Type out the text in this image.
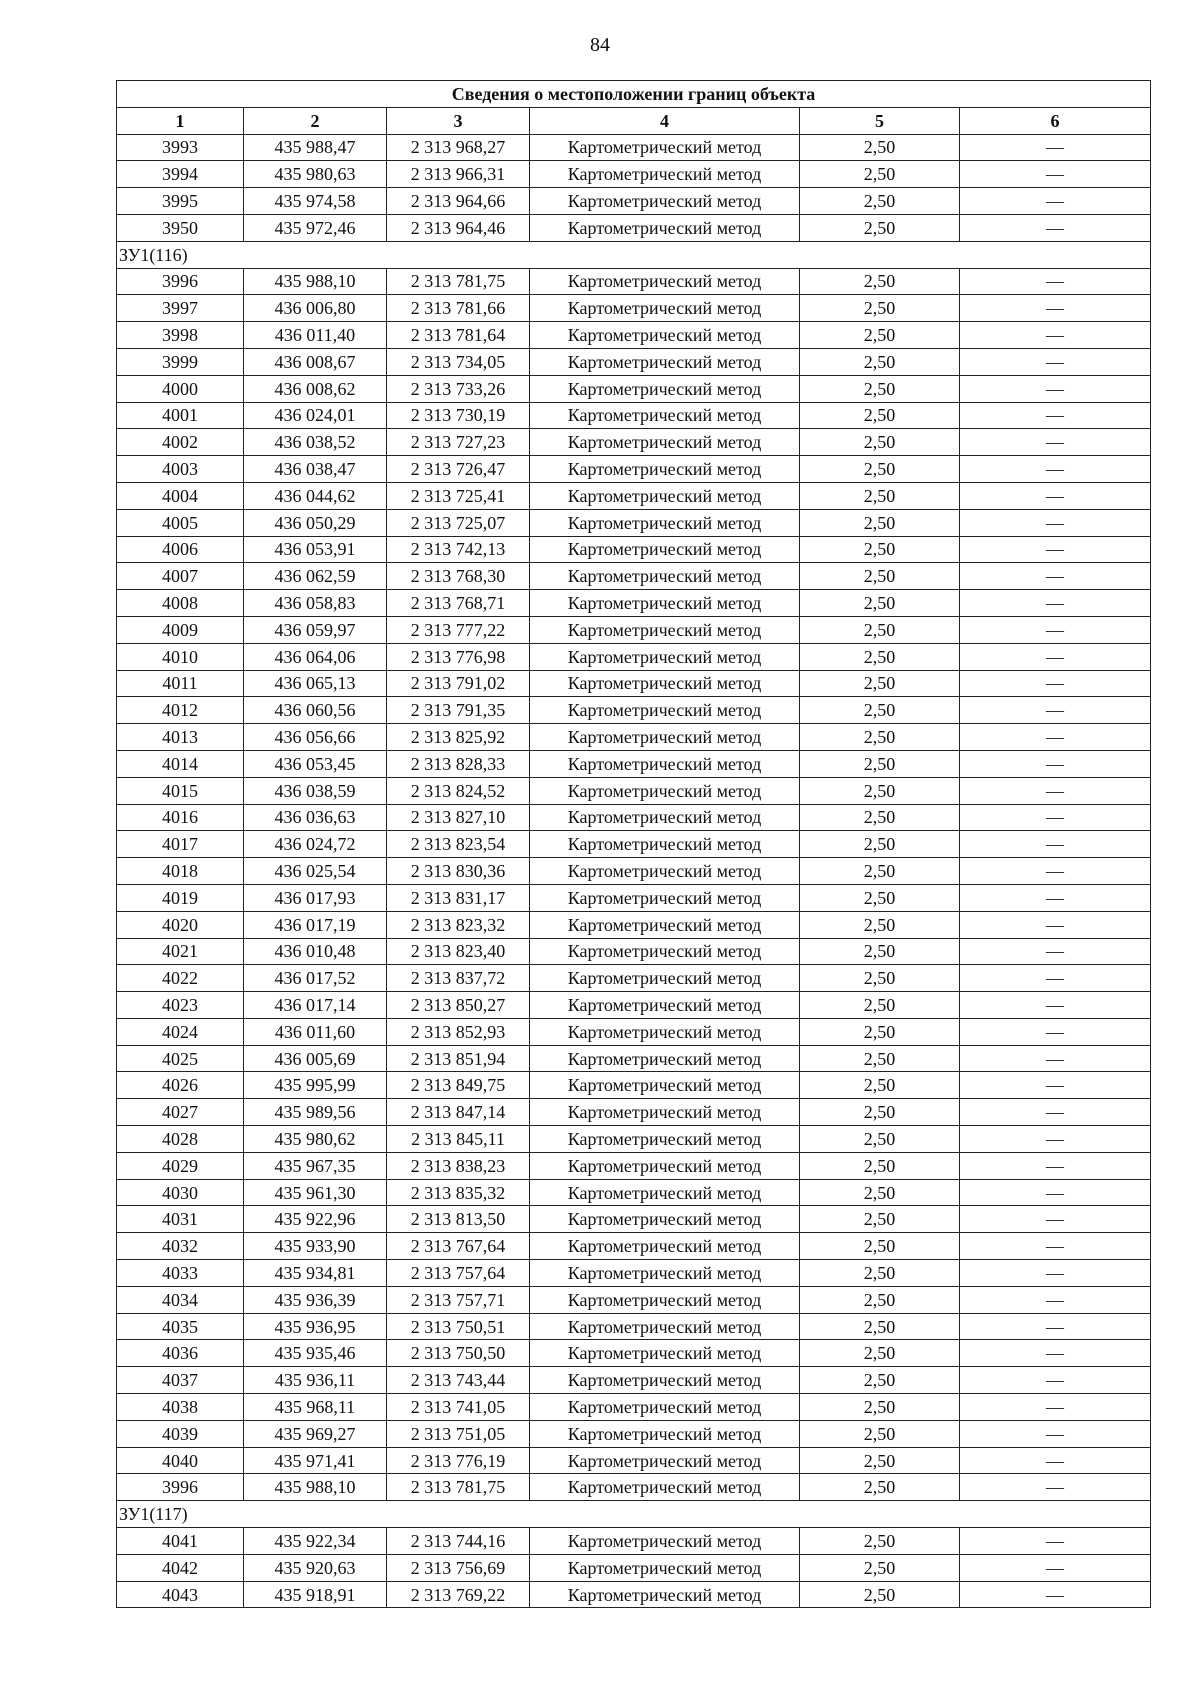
84
Сведения о местоположении границ объекта					
1	2	3	4	5	6
3993	435 988,47	2 313 968,27	Картометрический метод	2,50	—
3994	435 980,63	2 313 966,31	Картометрический метод	2,50	—
3995	435 974,58	2 313 964,66	Картометрический метод	2,50	—
3950	435 972,46	2 313 964,46	Картометрический метод	2,50	—
ЗУ1(116)					
3996	435 988,10	2 313 781,75	Картометрический метод	2,50	—
3997	436 006,80	2 313 781,66	Картометрический метод	2,50	—
3998	436 011,40	2 313 781,64	Картометрический метод	2,50	—
3999	436 008,67	2 313 734,05	Картометрический метод	2,50	—
4000	436 008,62	2 313 733,26	Картометрический метод	2,50	—
4001	436 024,01	2 313 730,19	Картометрический метод	2,50	—
4002	436 038,52	2 313 727,23	Картометрический метод	2,50	—
4003	436 038,47	2 313 726,47	Картометрический метод	2,50	—
4004	436 044,62	2 313 725,41	Картометрический метод	2,50	—
4005	436 050,29	2 313 725,07	Картометрический метод	2,50	—
4006	436 053,91	2 313 742,13	Картометрический метод	2,50	—
4007	436 062,59	2 313 768,30	Картометрический метод	2,50	—
4008	436 058,83	2 313 768,71	Картометрический метод	2,50	—
4009	436 059,97	2 313 777,22	Картометрический метод	2,50	—
4010	436 064,06	2 313 776,98	Картометрический метод	2,50	—
4011	436 065,13	2 313 791,02	Картометрический метод	2,50	—
4012	436 060,56	2 313 791,35	Картометрический метод	2,50	—
4013	436 056,66	2 313 825,92	Картометрический метод	2,50	—
4014	436 053,45	2 313 828,33	Картометрический метод	2,50	—
4015	436 038,59	2 313 824,52	Картометрический метод	2,50	—
4016	436 036,63	2 313 827,10	Картометрический метод	2,50	—
4017	436 024,72	2 313 823,54	Картометрический метод	2,50	—
4018	436 025,54	2 313 830,36	Картометрический метод	2,50	—
4019	436 017,93	2 313 831,17	Картометрический метод	2,50	—
4020	436 017,19	2 313 823,32	Картометрический метод	2,50	—
4021	436 010,48	2 313 823,40	Картометрический метод	2,50	—
4022	436 017,52	2 313 837,72	Картометрический метод	2,50	—
4023	436 017,14	2 313 850,27	Картометрический метод	2,50	—
4024	436 011,60	2 313 852,93	Картометрический метод	2,50	—
4025	436 005,69	2 313 851,94	Картометрический метод	2,50	—
4026	435 995,99	2 313 849,75	Картометрический метод	2,50	—
4027	435 989,56	2 313 847,14	Картометрический метод	2,50	—
4028	435 980,62	2 313 845,11	Картометрический метод	2,50	—
4029	435 967,35	2 313 838,23	Картометрический метод	2,50	—
4030	435 961,30	2 313 835,32	Картометрический метод	2,50	—
4031	435 922,96	2 313 813,50	Картометрический метод	2,50	—
4032	435 933,90	2 313 767,64	Картометрический метод	2,50	—
4033	435 934,81	2 313 757,64	Картометрический метод	2,50	—
4034	435 936,39	2 313 757,71	Картометрический метод	2,50	—
4035	435 936,95	2 313 750,51	Картометрический метод	2,50	—
4036	435 935,46	2 313 750,50	Картометрический метод	2,50	—
4037	435 936,11	2 313 743,44	Картометрический метод	2,50	—
4038	435 968,11	2 313 741,05	Картометрический метод	2,50	—
4039	435 969,27	2 313 751,05	Картометрический метод	2,50	—
4040	435 971,41	2 313 776,19	Картометрический метод	2,50	—
3996	435 988,10	2 313 781,75	Картометрический метод	2,50	—
ЗУ1(117)					
4041	435 922,34	2 313 744,16	Картометрический метод	2,50	—
4042	435 920,63	2 313 756,69	Картометрический метод	2,50	—
4043	435 918,91	2 313 769,22	Картометрический метод	2,50	—
